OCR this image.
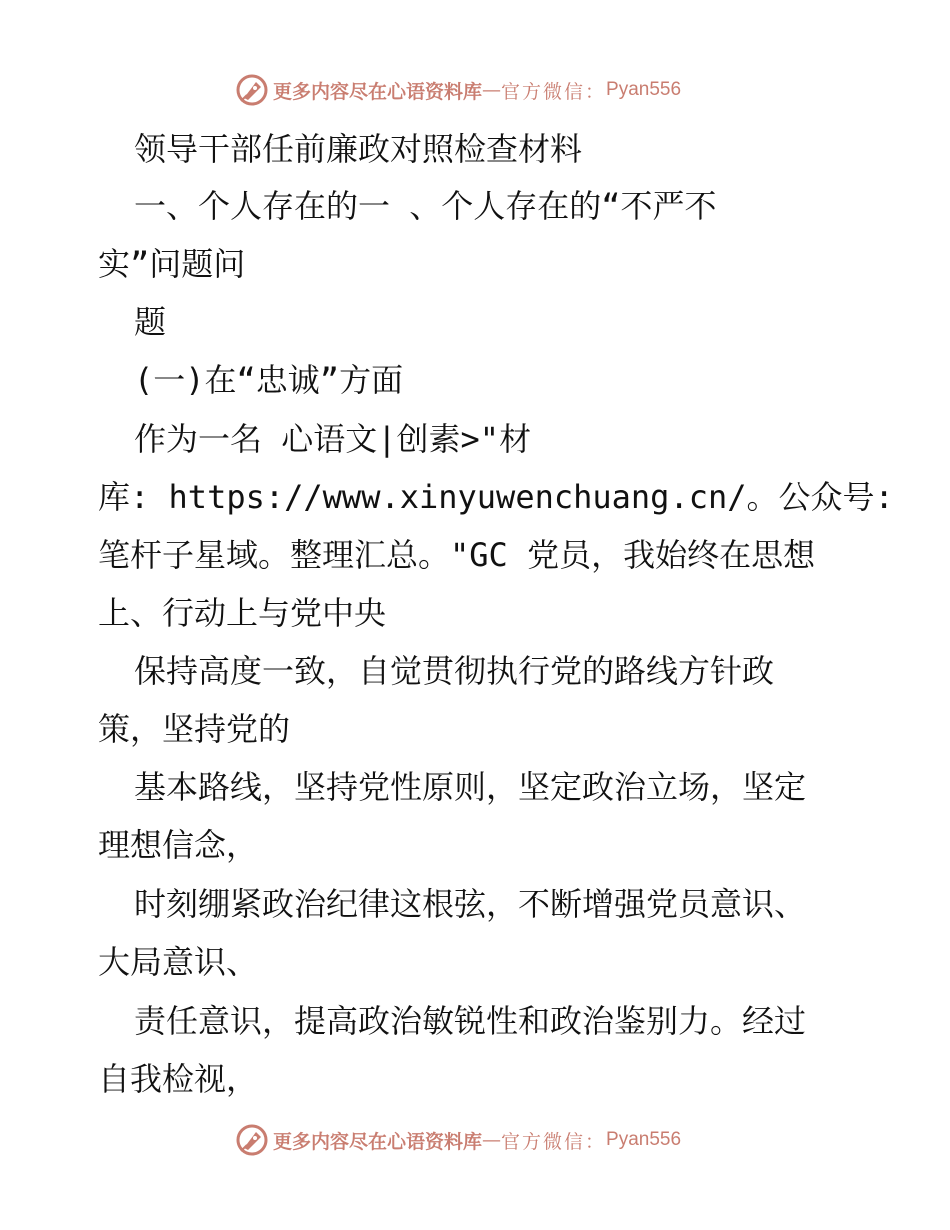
更多内容尽在心语资料库 — 官方微信： Pyan556

领导干部任前廉政对照检查材料

一、个人存在的一 、个人存在的“不严不

实”问题问

题

(一)在“忠诚”方面

作为一名 心语文|创素>"材

库: https://www.xinyuwenchuang.cn/。公众号:

笔杆子星域。整理汇总。"GC 党员，我始终在思想

上、行动上与党中央

保持高度一致，自觉贯彻执行党的路线方针政

策，坚持党的

基本路线，坚持党性原则，坚定政治立场，坚定

理想信念，

时刻绷紧政治纪律这根弦，不断增强党员意识、

大局意识、

责任意识，提高政治敏锐性和政治鉴别力。经过

自我检视，

更多内容尽在心语资料库 — 官方微信： Pyan556
